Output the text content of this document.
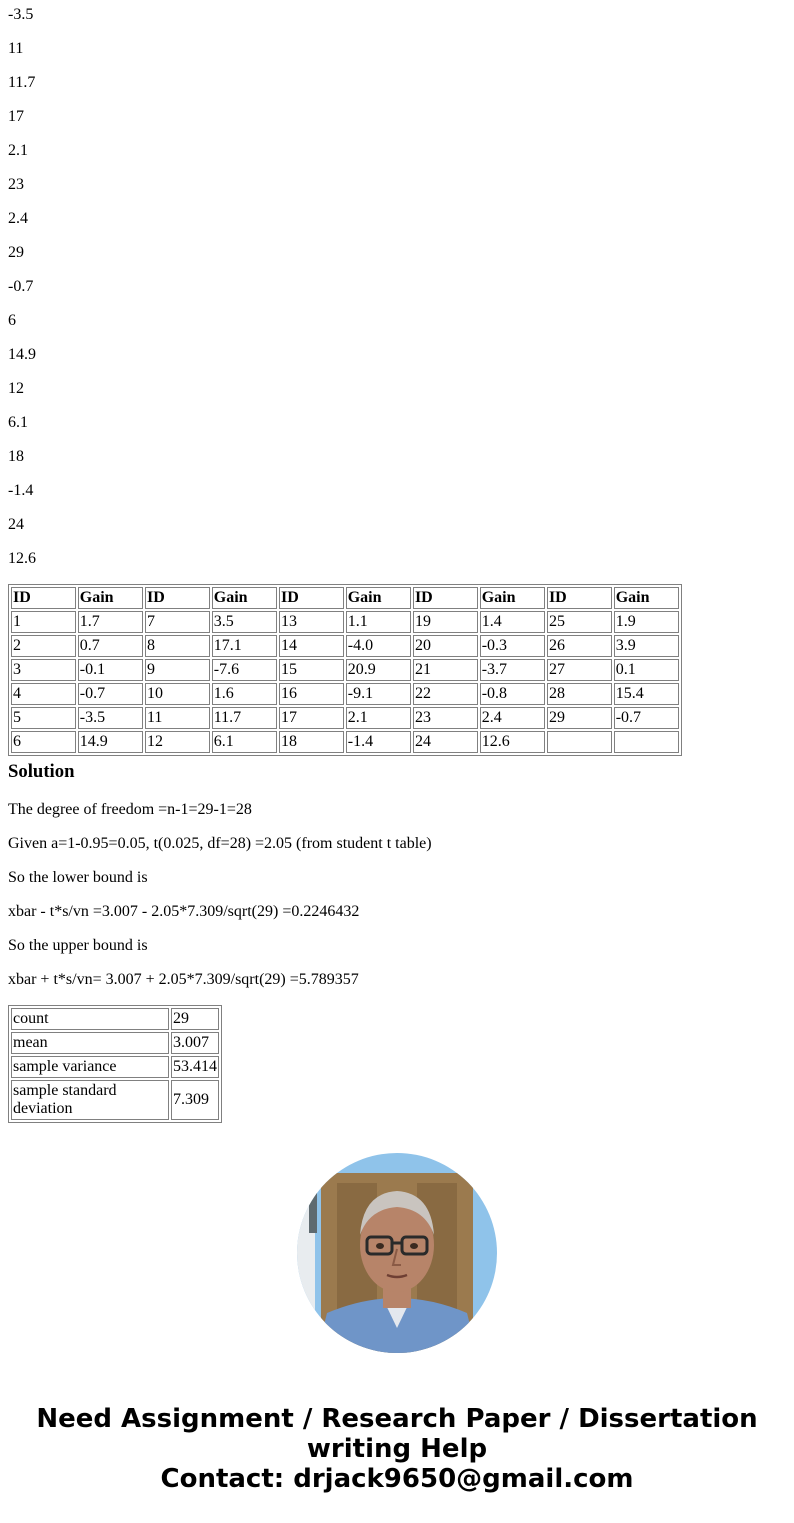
-3.5
11
11.7
17
2.1
23
2.4
29
-0.7
6
14.9
12
6.1
18
-1.4
24
12.6
ID	Gain	ID	Gain	ID	Gain	ID	Gain	ID	Gain
1	1.7	7	3.5	13	1.1	19	1.4	25	1.9
2	0.7	8	17.1	14	-4.0	20	-0.3	26	3.9
3	-0.1	9	-7.6	15	20.9	21	-3.7	27	0.1
4	-0.7	10	1.6	16	-9.1	22	-0.8	28	15.4
5	-3.5	11	11.7	17	2.1	23	2.4	29	-0.7
6	14.9	12	6.1	18	-1.4	24	12.6		
Solution

The degree of freedom =n-1=29-1=28

Given a=1-0.95=0.05, t(0.025, df=28) =2.05 (from student t table)

So the lower bound is

xbar - t*s/vn =3.007 - 2.05*7.309/sqrt(29) =0.2246432

So the upper bound is

xbar + t*s/vn= 3.007 + 2.05*7.309/sqrt(29) =5.789357

count	29
mean	3.007
sample variance	53.414
sample standard deviation	7.309

Need Assignment / Research Paper / Dissertation
writing Help
Contact: drjack9650@gmail.com
